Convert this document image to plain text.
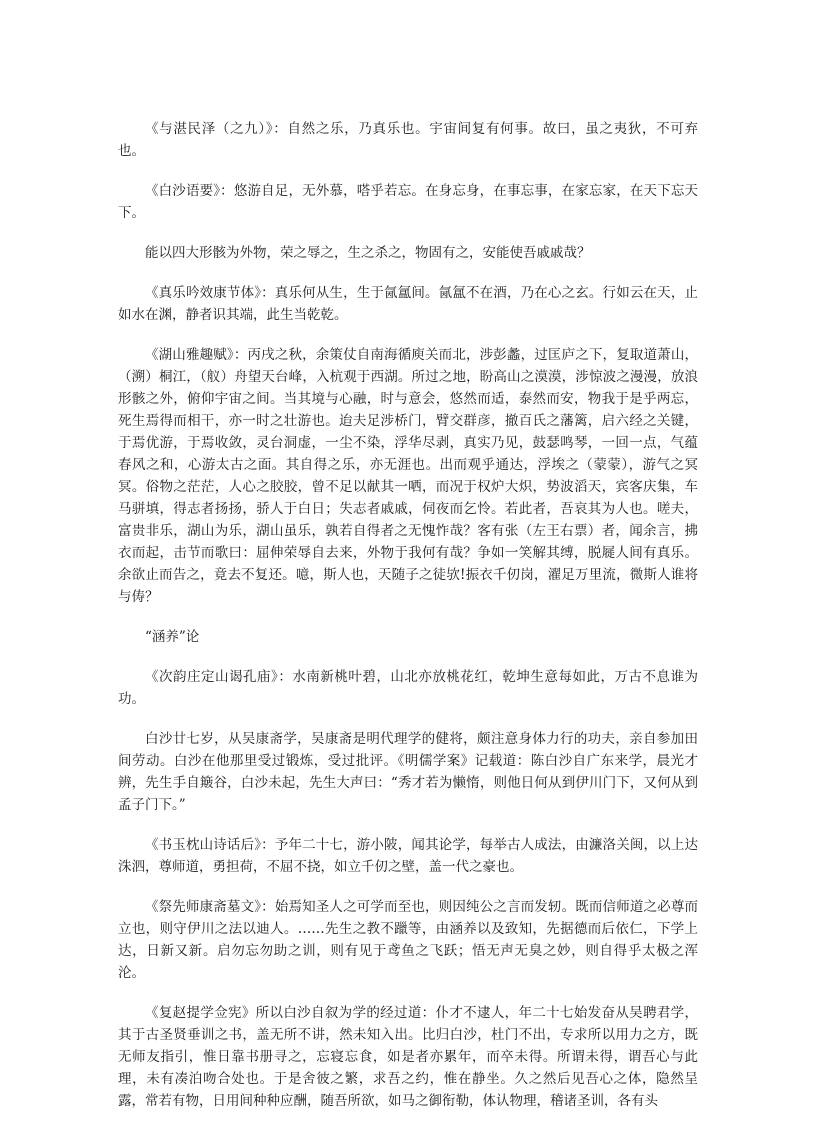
《与湛民泽（之九）》：自然之乐，乃真乐也。宇宙间复有何事。故曰，虽之夷狄，不可弃也。

《白沙语要》：悠游自足，无外慕，嗒乎若忘。在身忘身，在事忘事，在家忘家，在天下忘天下。

能以四大形骸为外物，荣之辱之，生之杀之，物固有之，安能使吾戚戚哉？

《真乐吟效康节体》：真乐何从生，生于氤氲间。氤氲不在酒，乃在心之玄。行如云在天，止如水在渊，静者识其端，此生当乾乾。

《湖山雅趣赋》：丙戌之秋，余策仗自南海循庾关而北，涉彭蠡，过匡庐之下，复取道萧山，（溯）桐江，（舣）舟望天台峰，入杭观于西湖。所过之地，盼高山之漠漠，涉惊波之漫漫，放浪形骸之外，俯仰宇宙之间。当其境与心融，时与意会，悠然而适，泰然而安，物我于是乎两忘，死生焉得而相干，亦一时之壮游也。迨夫足涉桥门，臂交群彦，撤百氏之藩篱，启六经之关键，于焉优游，于焉收敛，灵台洞虚，一尘不染，浮华尽剥，真实乃见，鼓瑟鸣琴，一回一点，气蕴春风之和，心游太古之面。其自得之乐，亦无涯也。出而观乎通达，浮埃之（蒙蒙），游气之冥冥。俗物之茫茫，人心之胶胶，曾不足以献其一哂，而况于权炉大炽，势波滔天，宾客庆集，车马骈填，得志者扬扬，骄人于白日；失志者戚戚，伺夜而乞怜。若此者，吾哀其为人也。嗟夫，富贵非乐，湖山为乐，湖山虽乐，孰若自得者之无愧怍哉？客有张（左王右票）者，闻余言，拂衣而起，击节而歌曰：屈伸荣辱自去来，外物于我何有哉？争如一笑解其缚，脱屣人间有真乐。余欲止而告之，竟去不复还。噫，斯人也，天随子之徒欤!振衣千仞岗，濯足万里流，微斯人谁将与俦？

“涵养”论

《次韵庄定山谒孔庙》：水南新桃叶碧，山北亦放桃花红，乾坤生意每如此，万古不息谁为功。

白沙廿七岁，从吴康斋学，吴康斋是明代理学的健将，颇注意身体力行的功夫，亲自参加田间劳动。白沙在他那里受过锻炼，受过批评。《明儒学案》记载道：陈白沙自广东来学，晨光才辨，先生手自簸谷，白沙未起，先生大声曰：“秀才若为懒惰，则他日何从到伊川门下，又何从到孟子门下。”

《书玉枕山诗话后》：予年二十七，游小陂，闻其论学，每举古人成法，由濂洛关闽，以上达洙泗，尊师道，勇担荷，不屈不挠，如立千仞之壁，盖一代之豪也。

《祭先师康斋墓文》：始焉知圣人之可学而至也，则因纯公之言而发轫。既而信师道之必尊而立也，则守伊川之法以迪人。……先生之教不躐等，由涵养以及致知，先据德而后依仁，下学上达，日新又新。启勿忘勿助之训，则有见于鸢鱼之飞跃；悟无声无臭之妙，则自得乎太极之浑沦。

《复赵提学佥宪》所以白沙自叙为学的经过道：仆才不逮人，年二十七始发奋从吴聘君学，其于古圣贤垂训之书，盖无所不讲，然未知入出。比归白沙，杜门不出，专求所以用力之方，既无师友指引，惟日靠书册寻之，忘寝忘食，如是者亦累年，而卒未得。所谓未得，谓吾心与此理，未有凑泊吻合处也。于是舍彼之繁，求吾之约，惟在静坐。久之然后见吾心之体，隐然呈露，常若有物，日用间种种应酬，随吾所欲，如马之御衔勒，体认物理，稽诸圣训，各有头
